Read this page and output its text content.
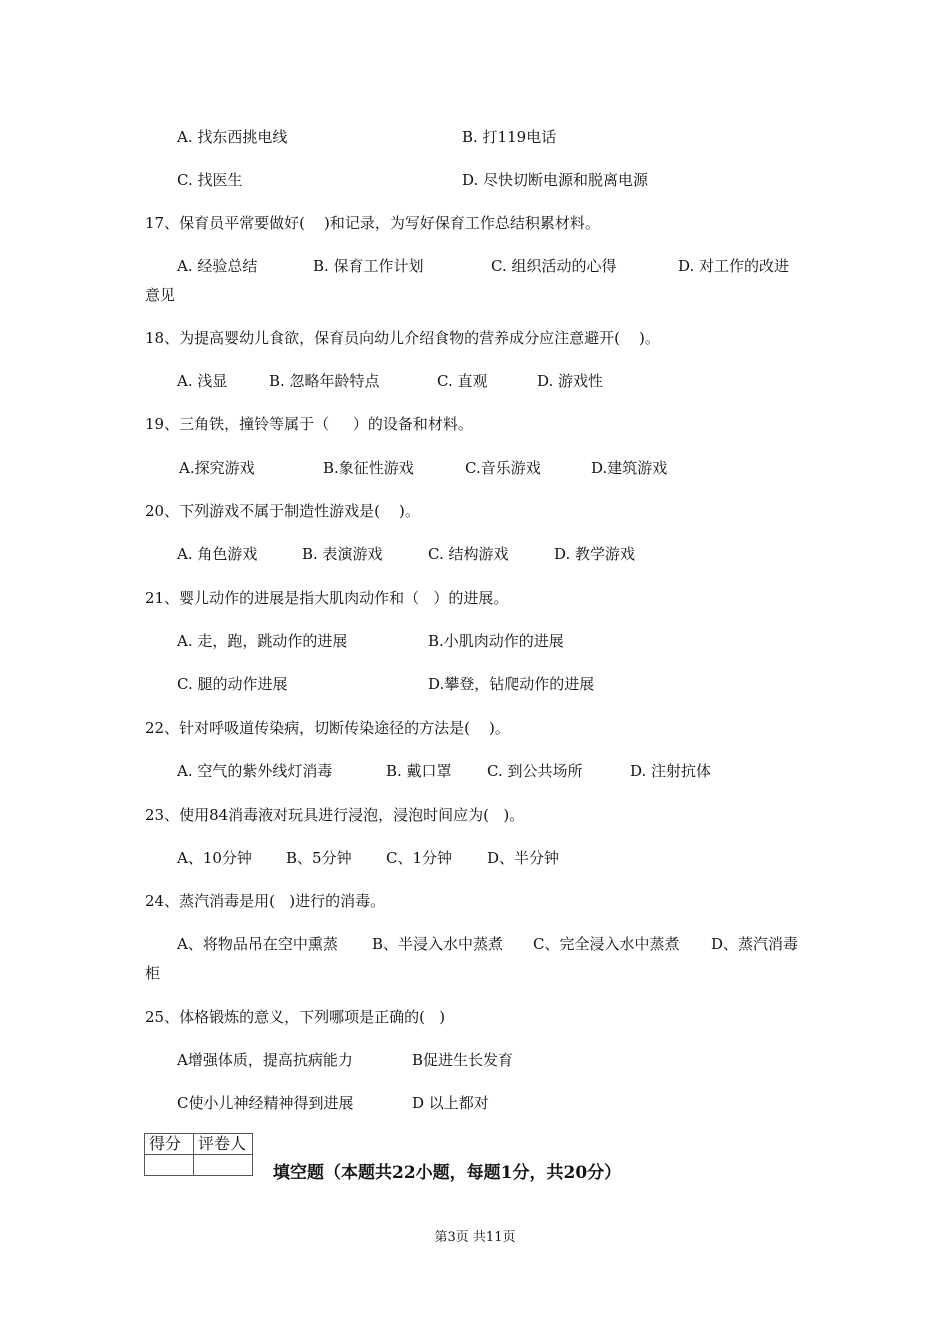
A. 找东西挑电线	B. 打119电话
C. 找医生	D. 尽快切断电源和脱离电源
17、保育员平常要做好(    )和记录，为写好保育工作总结积累材料。
A. 经验总结	B. 保育工作计划	C. 组织活动的心得	D. 对工作的改进
意见
18、为提高婴幼儿食欲，保育员向幼儿介绍食物的营养成分应注意避开(    )。
A. 浅显	B. 忽略年龄特点	C. 直观	D. 游戏性
19、三角铁，撞铃等属于（     ）的设备和材料。
A.探究游戏	B.象征性游戏	C.音乐游戏	D.建筑游戏
20、下列游戏不属于制造性游戏是(    )。
A. 角色游戏	B. 表演游戏	C. 结构游戏	D. 教学游戏
21、婴儿动作的进展是指大肌肉动作和（   ）的进展。
A. 走，跑，跳动作的进展	B.小肌肉动作的进展
C. 腿的动作进展	D.攀登，钻爬动作的进展
22、针对呼吸道传染病，切断传染途径的方法是(    )。
A. 空气的紫外线灯消毒	B. 戴口罩 C. 到公共场所	D. 注射抗体
23、使用84消毒液对玩具进行浸泡，浸泡时间应为(   )。
A、10分钟 B、5分钟 C、1分钟 D、半分钟
24、蒸汽消毒是用(   )进行的消毒。
A、将物品吊在空中熏蒸 B、半浸入水中蒸煮 C、完全浸入水中蒸煮 D、蒸汽消毒
柜
25、体格锻炼的意义，下列哪项是正确的(   )
A增强体质，提高抗病能力	B促进生长发育
C使小儿神经精神得到进展	D 以上都对
得分	评卷人

填空题（本题共22小题，每题1分，共20分）
第3页 共11页
